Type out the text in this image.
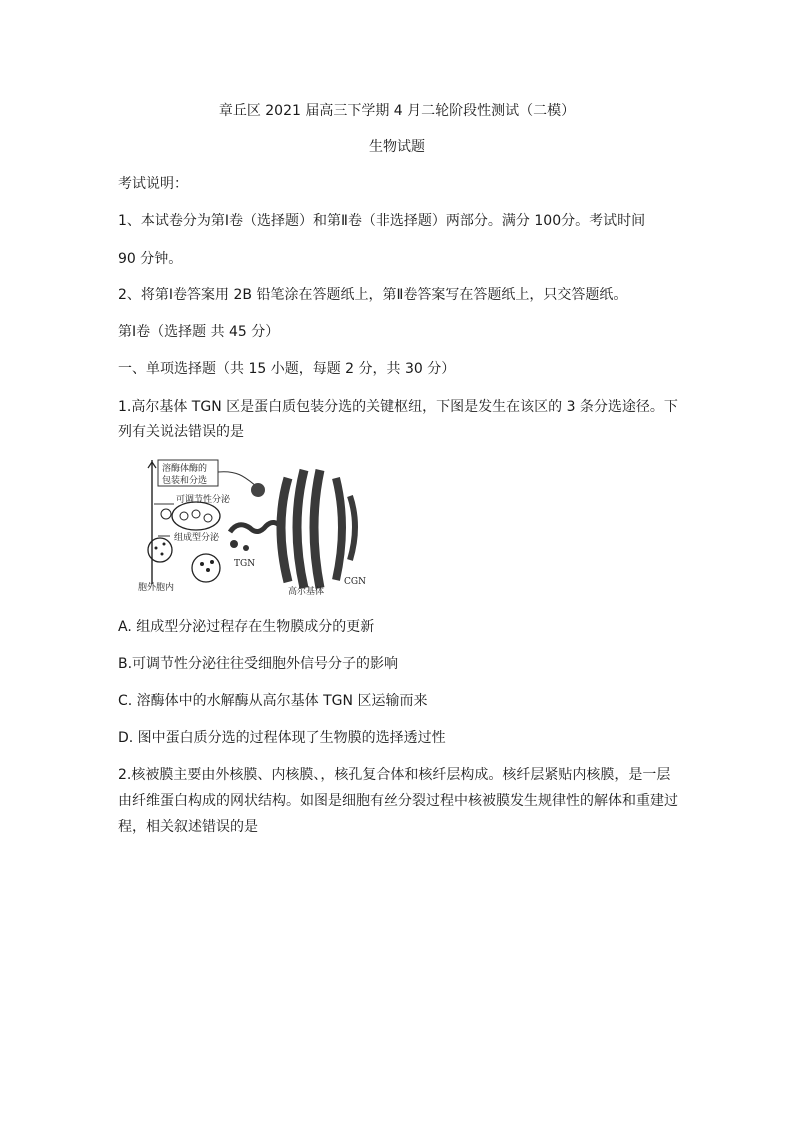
章丘区 2021 届高三下学期 4 月二轮阶段性测试（二模）
生物试题
考试说明：
1、本试卷分为第Ⅰ卷（选择题）和第Ⅱ卷（非选择题）两部分。满分 100分。考试时间
90 分钟。
2、将第Ⅰ卷答案用 2B 铅笔涂在答题纸上，第Ⅱ卷答案写在答题纸上，只交答题纸。
第Ⅰ卷（选择题 共 45 分）
一、单项选择题（共 15 小题，每题 2 分，共 30 分）
1.高尔基体 TGN 区是蛋白质包装分选的关键枢纽，下图是发生在该区的 3 条分选途径。下
列有关说法错误的是
溶酶体酶的
包装和分选
可调节性分泌
组成型分泌
TGN
CGN
高尔基体
胞外 胞内
A. 组成型分泌过程存在生物膜成分的更新
B.可调节性分泌往往受细胞外信号分子的影响
C. 溶酶体中的水解酶从高尔基体 TGN 区运输而来
D. 图中蛋白质分选的过程体现了生物膜的选择透过性
2.核被膜主要由外核膜、内核膜、，核孔复合体和核纤层构成。核纤层紧贴内核膜，是一层
由纤维蛋白构成的网状结构。如图是细胞有丝分裂过程中核被膜发生规律性的解体和重建过
程，相关叙述错误的是
